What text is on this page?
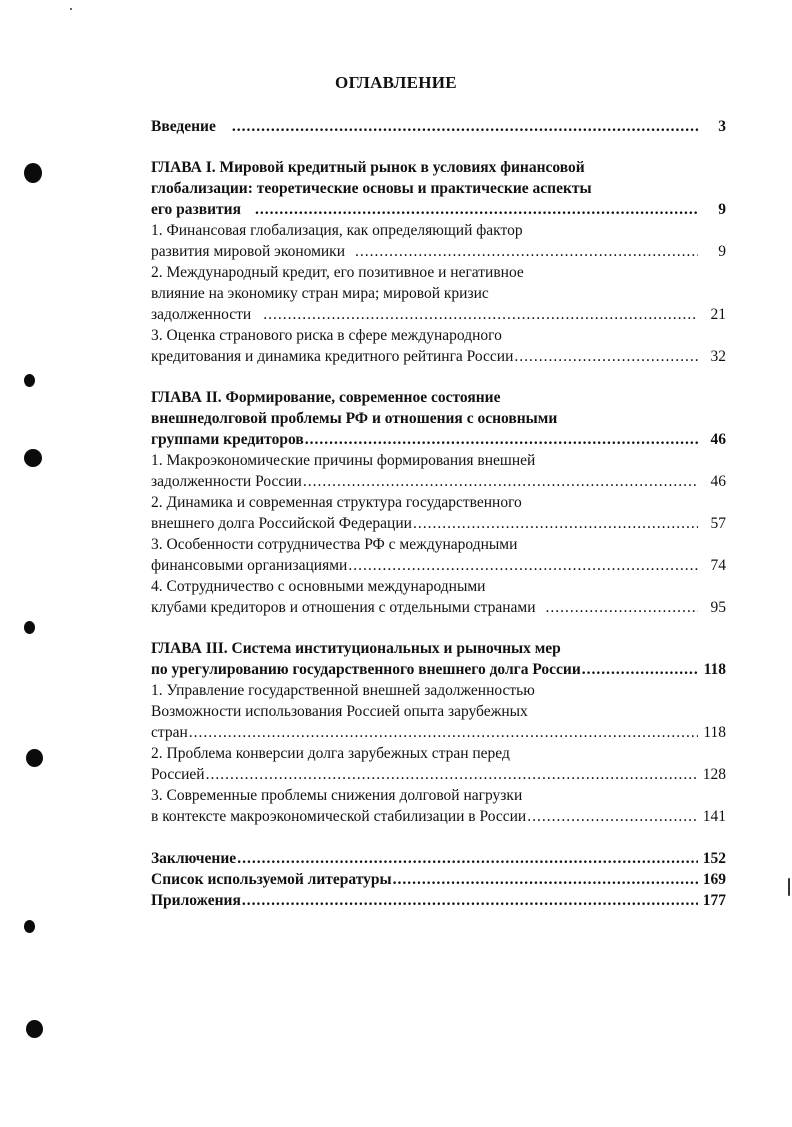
ОГЛАВЛЕНИЕ
Введение .....	3
ГЛАВА I. Мировой кредитный рынок в условиях финансовой
глобализации: теоретические основы и практические аспекты
его развития .....	9
1. Финансовая глобализация, как определяющий фактор
развития мировой экономики .....	9
2. Международный кредит, его позитивное и негативное
влияние на экономику стран мира; мировой кризис
задолженности .....	21
3. Оценка странового риска в сфере международного
кредитования и динамика кредитного рейтинга России .....	32
ГЛАВА II. Формирование, современное состояние
внешнедолговой проблемы РФ и отношения с основными
группами кредиторов .....	46
1. Макроэкономические причины формирования внешней
задолженности России .....	46
2. Динамика и современная структура государственного
внешнего долга Российской Федерации .....	57
3. Особенности сотрудничества РФ с международными
финансовыми организациями .....	74
4. Сотрудничество с основными международными
клубами кредиторов и отношения с отдельными странами .....	95
ГЛАВА III. Система институциональных и рыночных мер
по урегулированию государственного внешнего долга России .....	118
1. Управление государственной внешней задолженностью
Возможности использования Россией опыта зарубежных
стран .....	118
2. Проблема конверсии долга зарубежных стран перед
Россией .....	128
3. Современные проблемы снижения долговой нагрузки
в контексте макроэкономической стабилизации в России .....	141
Заключение .....	152
Список используемой литературы .....	169
Приложения .....	177
